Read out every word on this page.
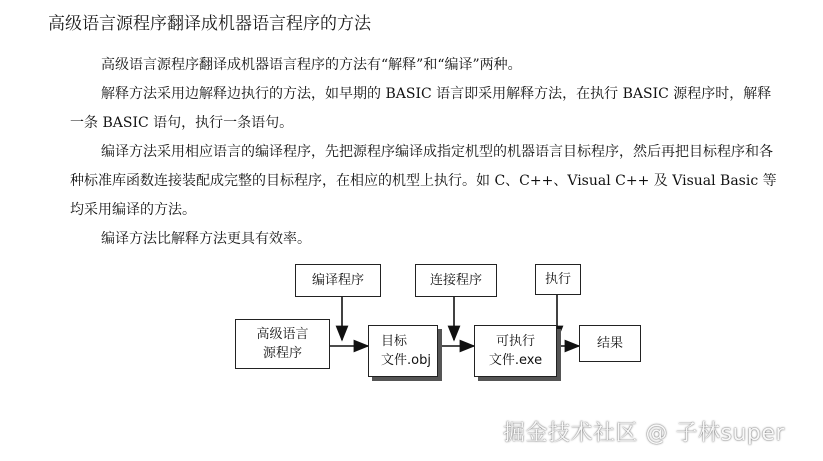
高级语言源程序翻译成机器语言程序的方法

高级语言源程序翻译成机器语言程序的方法有“解释”和“编译”两种。

解释方法采用边解释边执行的方法，如早期的 BASIC 语言即采用解释方法，在执行 BASIC 源程序时，解释一条 BASIC 语句，执行一条语句。

编译方法采用相应语言的编译程序，先把源程序编译成指定机型的机器语言目标程序，然后再把目标程序和各种标准库函数连接装配成完整的目标程序，在相应的机型上执行。如 C、C++、Visual C++ 及 Visual Basic 等均采用编译的方法。

编译方法比解释方法更具有效率。

高级语言
源程序
编译程序
目标
文件.obj
连接程序
可执行
文件.exe
执行
结果
掘金技术社区 @ 子林super
